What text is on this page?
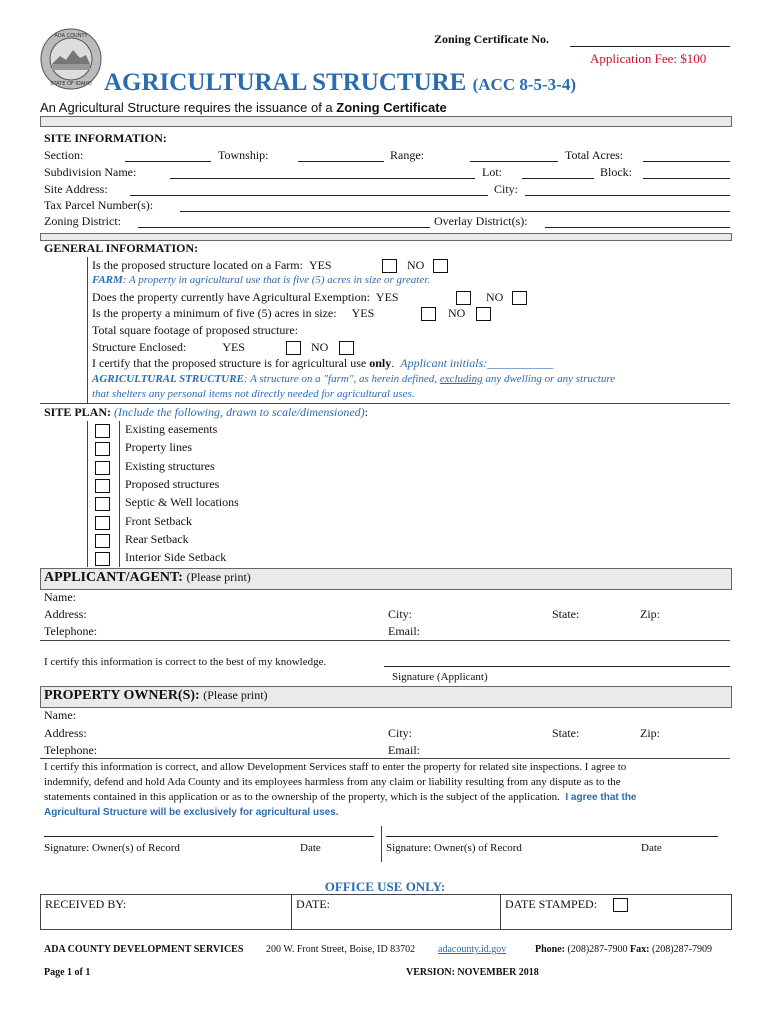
ADA COUNTY
STATE OF IDAHO
Zoning Certificate No.
Application Fee: $100
AGRICULTURAL STRUCTURE (ACC 8-5-3-4)
An Agricultural Structure requires the issuance of a Zoning Certificate
SITE INFORMATION:
Section:	Township:	Range:	Total Acres:
Subdivision Name:	Lot:	Block:
Site Address:	City:
Tax Parcel Number(s):
Zoning District:	Overlay District(s):
GENERAL INFORMATION:
Is the proposed structure located on a Farm: YES	NO
FARM: A property in agricultural use that is five (5) acres in size or greater.
Does the property currently have Agricultural Exemption: YES	NO
Is the property a minimum of five (5) acres in size: YES	NO
Total square footage of proposed structure:
Structure Enclosed:	YES	NO
I certify that the proposed structure is for agricultural use only.  Applicant initials:___________
AGRICULTURAL STRUCTURE: A structure on a "farm", as herein defined, excluding any dwelling or any structure
that shelters any personal items not directly needed for agricultural uses.
SITE PLAN: (Include the following, drawn to scale/dimensioned):
Existing easements
Property lines
Existing structures
Proposed structures
Septic & Well locations
Front Setback
Rear Setback
Interior Side Setback
APPLICANT/AGENT: (Please print)
Name:
Address:	City:	State:	Zip:
Telephone:	Email:
I certify this information is correct to the best of my knowledge.
Signature (Applicant)
PROPERTY OWNER(S): (Please print)
Name:
Address:	City:	State:	Zip:
Telephone:	Email:
I certify this information is correct, and allow Development Services staff to enter the property for related site inspections. I agree to
indemnify, defend and hold Ada County and its employees harmless from any claim or liability resulting from any dispute as to the
statements contained in this application or as to the ownership of the property, which is the subject of the application. I agree that the
Agricultural Structure will be exclusively for agricultural uses.
Signature: Owner(s) of Record	Date	Signature: Owner(s) of Record	Date
OFFICE USE ONLY:
RECEIVED BY:	DATE:	DATE STAMPED:
ADA COUNTY DEVELOPMENT SERVICES 200 W. Front Street, Boise, ID 83702 adacounty.id.gov	Phone: (208)287-7900 Fax: (208)287-7909
Page 1 of 1	VERSION: NOVEMBER 2018
